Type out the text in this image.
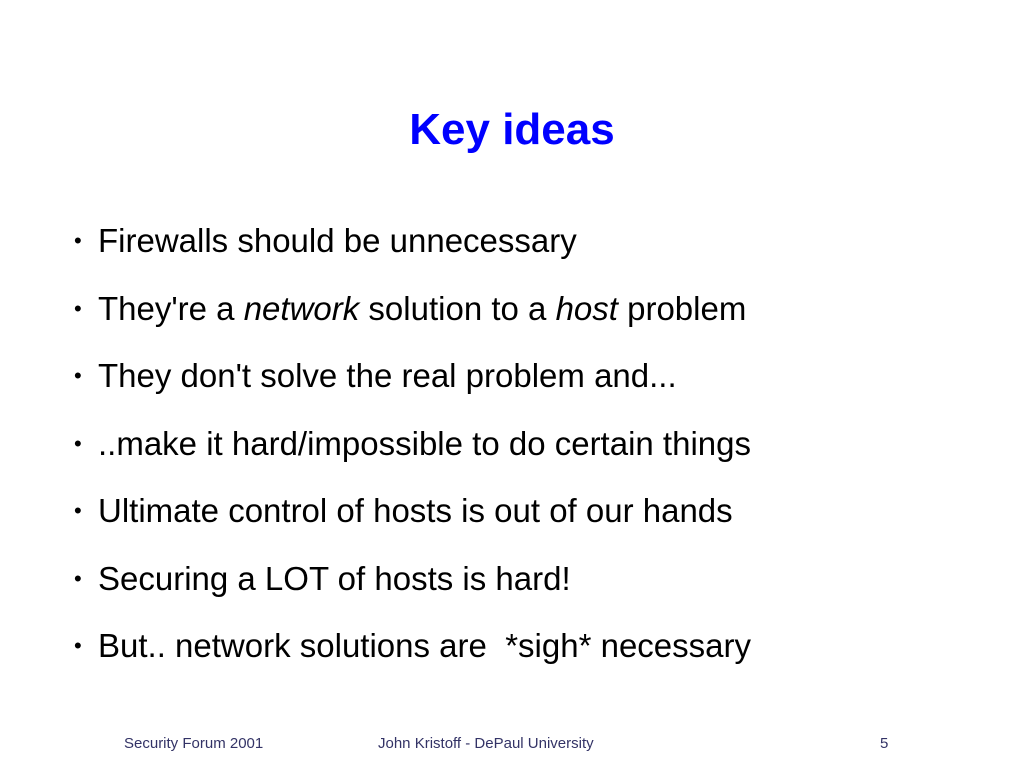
Key ideas
• Firewalls should be unnecessary
• They're a network solution to a host problem
• They don't solve the real problem and...
• ..make it hard/impossible to do certain things
• Ultimate control of hosts is out of our hands
• Securing a LOT of hosts is hard!
• But.. network solutions are  *sigh* necessary
Security Forum 2001	John Kristoff - DePaul University	5
